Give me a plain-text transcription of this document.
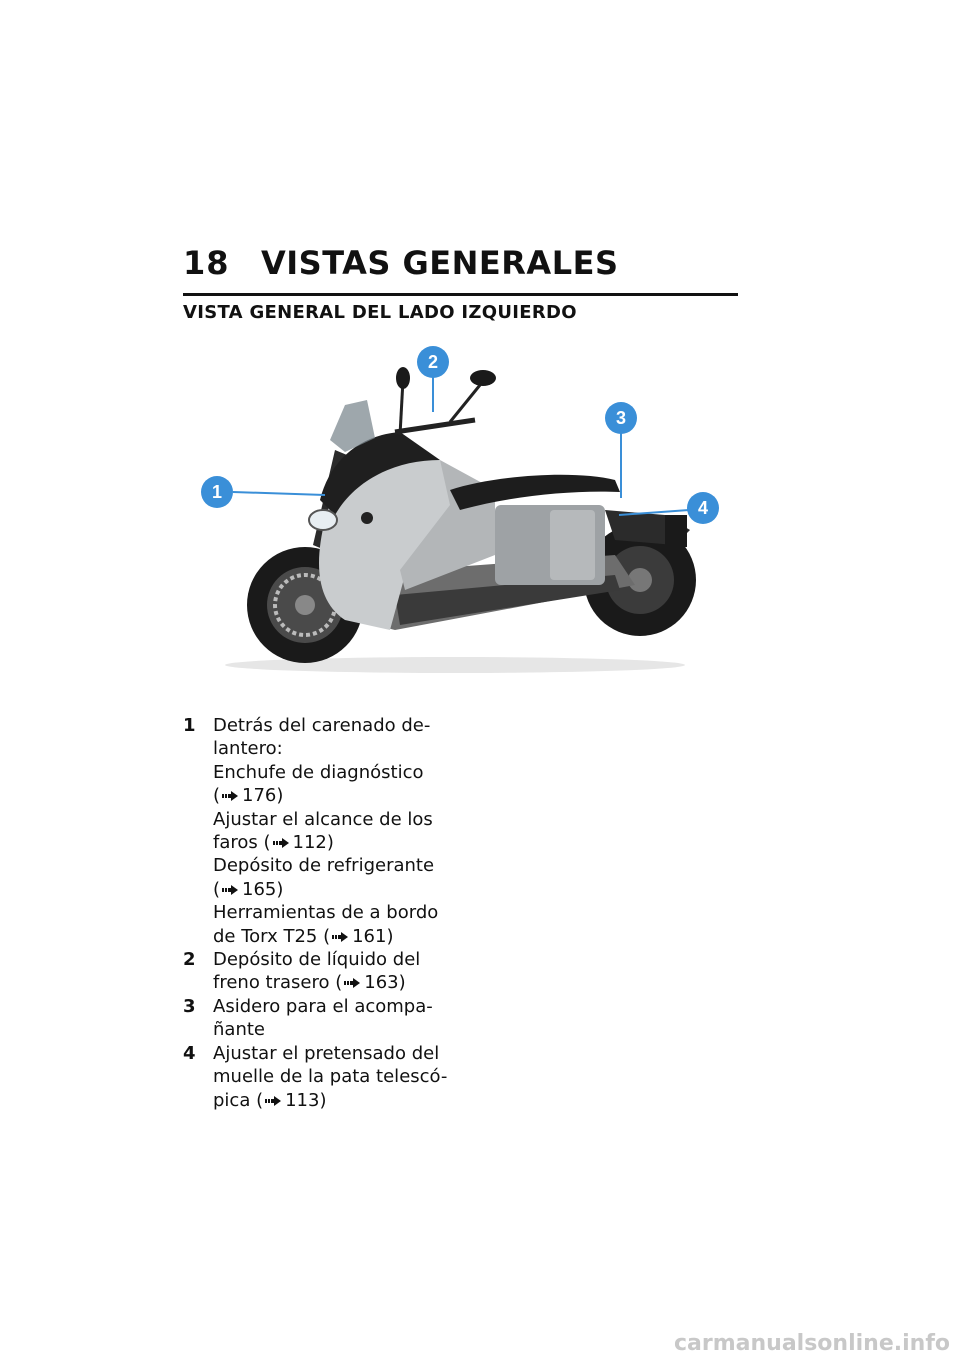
18 VISTAS GENERALES
VISTA GENERAL DEL LADO IZQUIERDO
1
2
3
4
1 Detrás del carenado de-
lantero:
Enchufe de diagnóstico
( 176)
Ajustar el alcance de los
faros ( 112)
Depósito de refrigerante
( 165)
Herramientas de a bordo
de Torx T25 ( 161)
2 Depósito de líquido del
freno trasero ( 163)
3 Asidero para el acompa-
ñante
4 Ajustar el pretensado del
muelle de la pata telescó-
pica ( 113)
carmanualsonline.info
